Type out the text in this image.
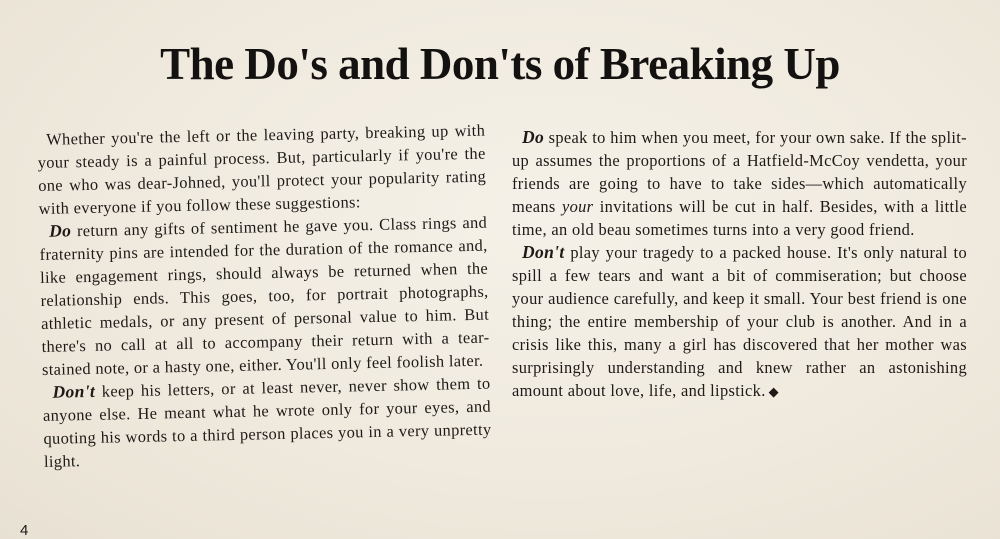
The Do's and Don'ts of Breaking Up

Whether you're the left or the leaving party, breaking up with your steady is a painful process. But, particularly if you're the one who was dear-Johned, you'll protect your popularity rating with everyone if you follow these suggestions:

Do return any gifts of sentiment he gave you. Class rings and fraternity pins are intended for the duration of the romance and, like engagement rings, should always be returned when the relationship ends. This goes, too, for portrait photographs, athletic medals, or any present of personal value to him. But there's no call at all to accompany their return with a tear-stained note, or a hasty one, either. You'll only feel foolish later.

Don't keep his letters, or at least never, never show them to anyone else. He meant what he wrote only for your eyes, and quoting his words to a third person places you in a very unpretty light.

Do speak to him when you meet, for your own sake. If the split-up assumes the proportions of a Hatfield-McCoy vendetta, your friends are going to have to take sides—which automatically means your invitations will be cut in half. Besides, with a little time, an old beau sometimes turns into a very good friend.

Don't play your tragedy to a packed house. It's only natural to spill a few tears and want a bit of commiseration; but choose your audience carefully, and keep it small. Your best friend is one thing; the entire membership of your club is another. And in a crisis like this, many a girl has discovered that her mother was surprisingly understanding and knew rather an astonishing amount about love, life, and lipstick. ◆

4
